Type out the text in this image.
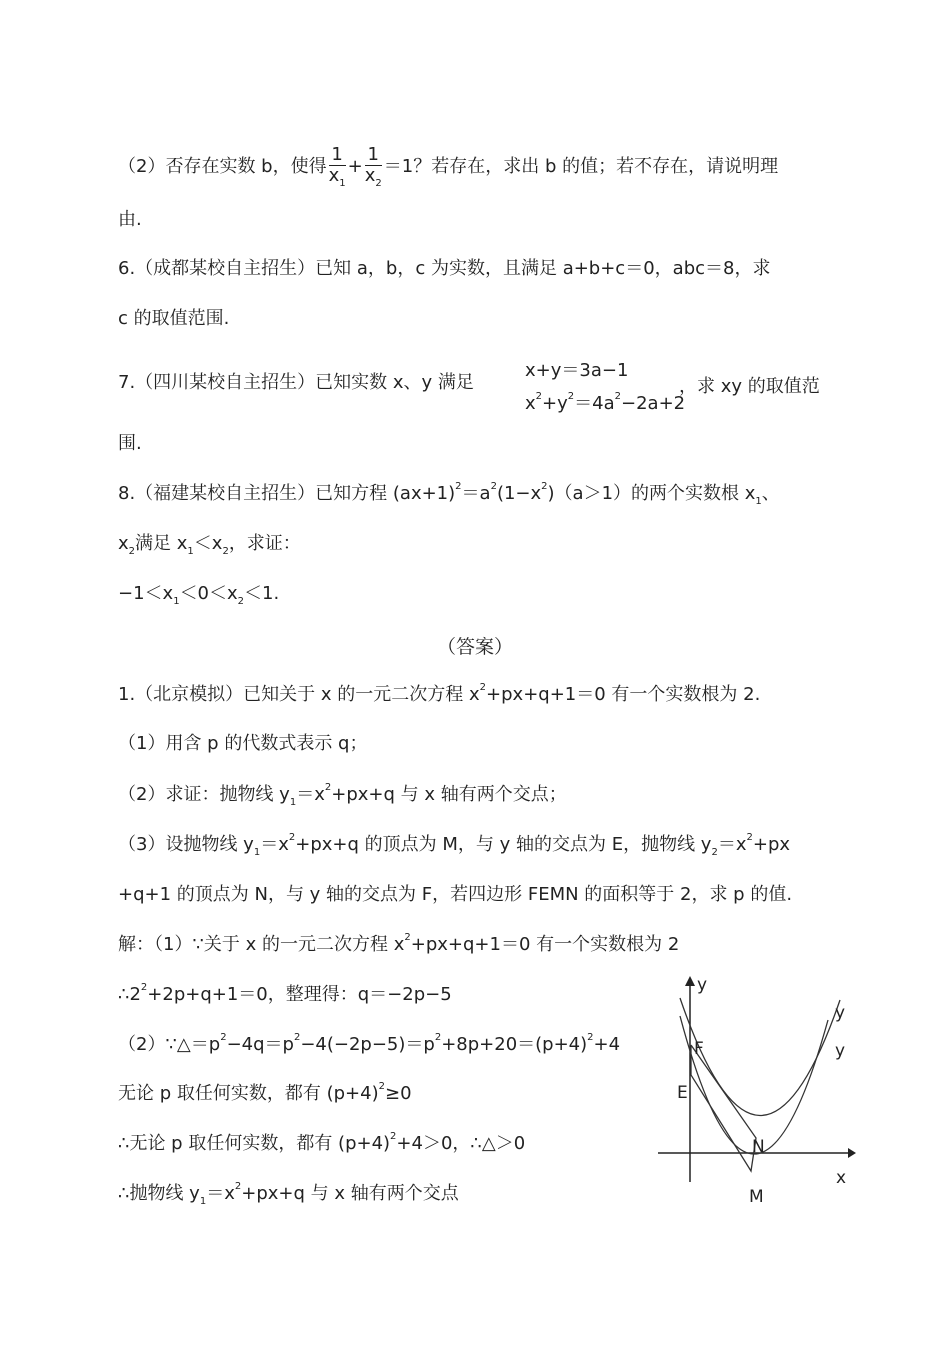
（2）否存在实数 b，使得 $\frac{1}{x_1} + \frac{1}{x_2} =1$？若存在，求出 b 的值；若不存在，请说明理
由.
6.（成都某校自主招生）已知 a，b，c 为实数，且满足 a+b+c＝0，abc＝8，求
c 的取值范围.
7.（四川某校自主招生）已知实数 x、y 满足
x+y＝3a−1
$x^2+y^2=4a^2-2a+2$
，求 xy 的取值范
围.
8.（福建某校自主招生）已知方程 $(ax+1)^2=a^2(1-x^2)(a>1)$的两个实数根 $x_1$、
$x_2$满足 $x_1<x_2$，求证：
$-1<x_1<0<x_2<1$.
（答案）
1.（北京模拟）已知关于 x 的一元二次方程 $x^2+px+q+1=0$ 有一个实数根为 2.
（1）用含 p 的代数式表示 q；
（2）求证：抛物线 $y_1=x^2+px+q$ 与 x 轴有两个交点；
（3）设抛物线 $y_1=x^2+px+q$ 的顶点为 M，与 y 轴的交点为 E，抛物线 $y_2=x^2+px$
+q+1 的顶点为 N，与 y 轴的交点为 F，若四边形 FEMN 的面积等于 2，求 p 的值.
解：（1）∵关于 x 的一元二次方程 $x^2+px+q+1=0$ 有一个实数根为 2
$\therefore 2^2+2p+q+1=0$，整理得：q＝−2p−5
$(2)\because\triangle=p^2-4q=p^2-4(-2p-5)=p^2+8p+20=(p+4)^2+4$
无论 p 取任何实数，都有 $(p+4)^2\ge 0$
∴无论 p 取任何实数，都有 $(p+4)^2+4>0$，∴△＞0
∴抛物线 $y_1=x^2+px+q$ 与 x 轴有两个交点
y
x
y
y
F
E
N
M
